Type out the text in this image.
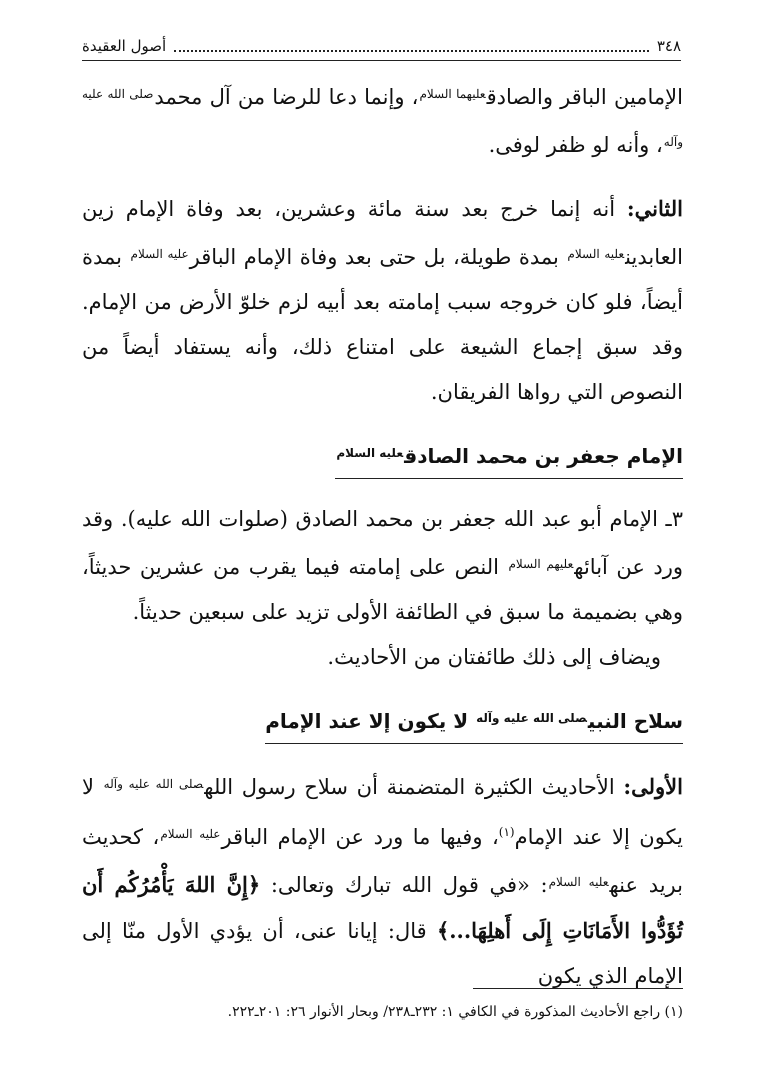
٣٤٨
أصول العقيدة

الإمامين الباقر والصادق$^{عليهما السلام}$، وإنما دعا للرضا من آل محمد$^{صلى الله عليه وآله}$، وأنه لو ظفر لوفى.

الثاني: أنه إنما خرج بعد سنة مائة وعشرين، بعد وفاة الإمام زين العابدين$^{عليه السلام}$ بمدة طويلة، بل حتى بعد وفاة الإمام الباقر$^{عليه السلام}$ بمدة أيضاً، فلو كان خروجه سبب إمامته بعد أبيه لزم خلوّ الأرض من الإمام. وقد سبق إجماع الشيعة على امتناع ذلك، وأنه يستفاد أيضاً من النصوص التي رواها الفريقان.

الإمام جعفر بن محمد الصادق$^{عليه السلام}$

٣ـ الإمام أبو عبد الله جعفر بن محمد الصادق (صلوات الله عليه). وقد ورد عن آبائه$^{عليهم السلام}$ النص على إمامته فيما يقرب من عشرين حديثاً، وهي بضميمة ما سبق في الطائفة الأولى تزيد على سبعين حديثاً.

ويضاف إلى ذلك طائفتان من الأحاديث.

سلاح النبي$^{صلى الله عليه وآله}$ لا يكون إلا عند الإمام

الأولى: الأحاديث الكثيرة المتضمنة أن سلاح رسول الله$^{صلى الله عليه وآله}$ لا يكون إلا عند الإمام$^{(١)}$، وفيها ما ورد عن الإمام الباقر$^{عليه السلام}$، كحديث بريد عنه$^{عليه السلام}$: «في قول الله تبارك وتعالى: ﴿إِنَّ اللهَ يَأْمُرُكُم أَن تُؤَدُّوا الأَمَانَاتِ إِلَى أَهلِهَا...﴾ قال: إيانا عنى، أن يؤدي الأول منّا إلى الإمام الذي يكون

(١) راجع الأحاديث المذكورة في الكافي ١: ٢٣٢ـ٢٣٨/ وبحار الأنوار ٢٦: ٢٠١ـ٢٢٢.
